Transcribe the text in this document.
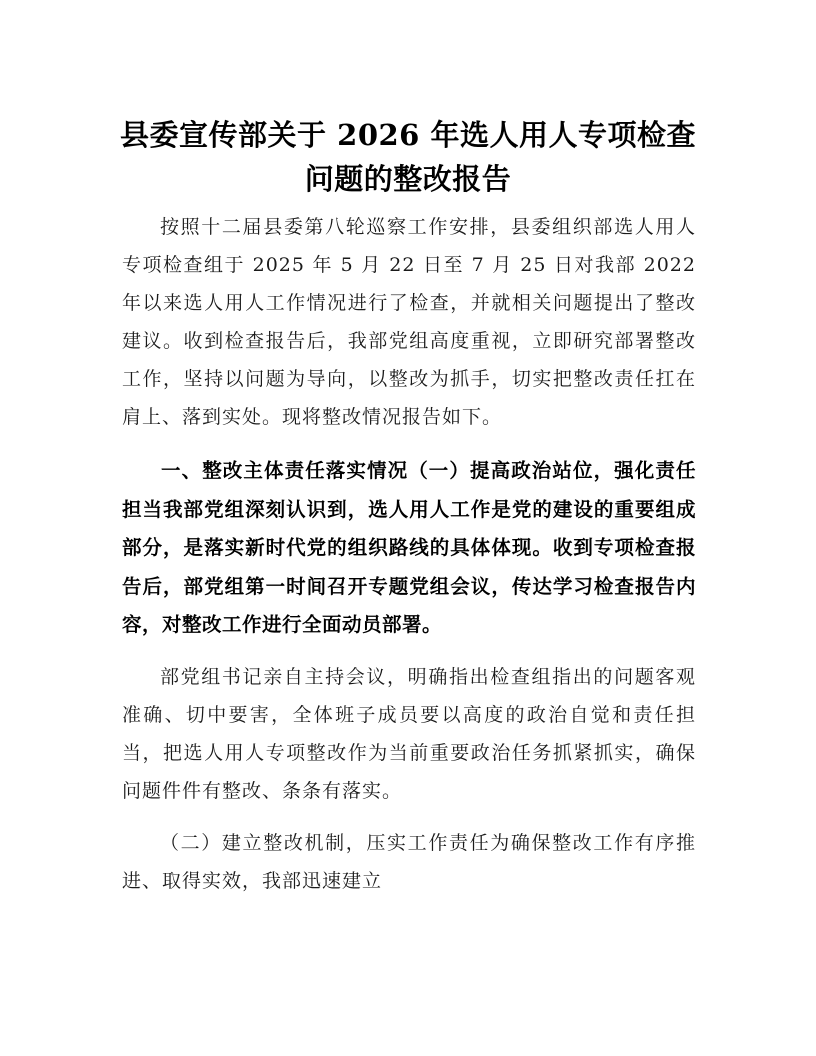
县委宣传部关于 2026 年选人用人专项检查问题的整改报告

按照十二届县委第八轮巡察工作安排，县委组织部选人用人专项检查组于 2025 年 5 月 22 日至 7 月 25 日对我部 2022 年以来选人用人工作情况进行了检查，并就相关问题提出了整改建议。收到检查报告后，我部党组高度重视，立即研究部署整改工作，坚持以问题为导向，以整改为抓手，切实把整改责任扛在肩上、落到实处。现将整改情况报告如下。

一、整改主体责任落实情况（一）提高政治站位，强化责任担当我部党组深刻认识到，选人用人工作是党的建设的重要组成部分，是落实新时代党的组织路线的具体体现。收到专项检查报告后，部党组第一时间召开专题党组会议，传达学习检查报告内容，对整改工作进行全面动员部署。

部党组书记亲自主持会议，明确指出检查组指出的问题客观准确、切中要害，全体班子成员要以高度的政治自觉和责任担当，把选人用人专项整改作为当前重要政治任务抓紧抓实，确保问题件件有整改、条条有落实。

（二）建立整改机制，压实工作责任为确保整改工作有序推进、取得实效，我部迅速建立
